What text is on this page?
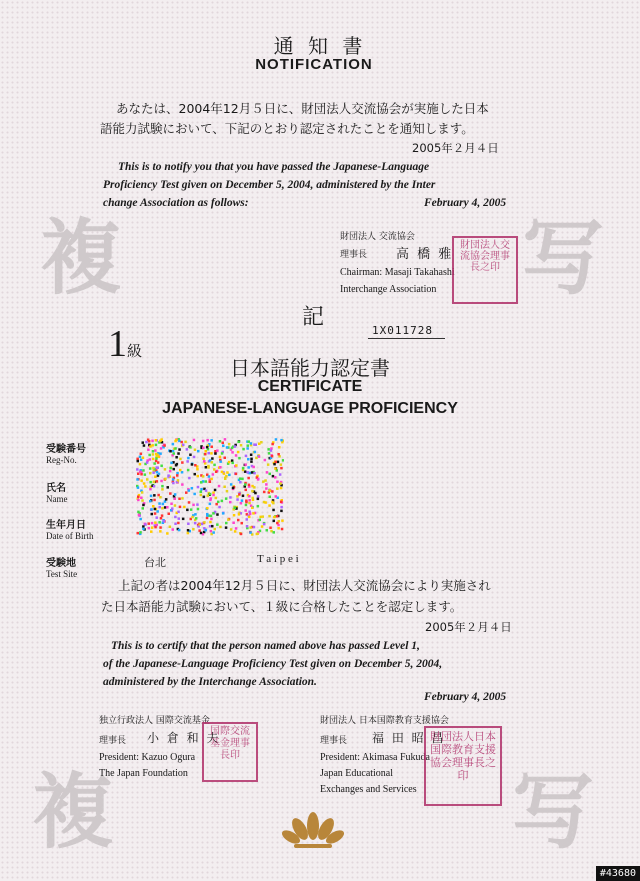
複	写
複	写
通 知 書
NOTIFICATION
あなたは、2004年12月５日に、財団法人交流協会が実施した日本
語能力試験において、下記のとおり認定されたことを通知します。
2005年２月４日
This is to notify you that you have passed the Japanese-Language
Proficiency Test given on December 5, 2004, administered by the Inter
change Association as follows:	February 4, 2005
財団法人 交流協会
理事長 高 橋 雅
Chairman: Masaji Takahashi
Interchange Association
財団法人交流協会理事長之印
記
1X011728
1級
日本語能力認定書
CERTIFICATE
JAPANESE-LANGUAGE PROFICIENCY
受験番号
Reg-No.
氏名
Name
生年月日
Date of Birth
受験地
Test Site
台北	T a i p e i
上記の者は2004年12月５日に、財団法人交流協会により実施され
た日本語能力試験において、１級に合格したことを認定します。
2005年２月４日
This is to certify that the person named above has passed Level 1,
of the Japanese-Language Proficiency Test given on December 5, 2004,
administered by the Interchange Association.
February 4, 2005
独立行政法人 国際交流基金
理事長 小 倉 和 夫
President: Kazuo Ogura
The Japan Foundation
国際交流基金理事長印
財団法人 日本国際教育支援協会
理事長 福 田 昭 昌
President: Akimasa Fukuda
Japan Educational
Exchanges and Services
財団法人日本国際教育支援協会理事長之印
#43680
